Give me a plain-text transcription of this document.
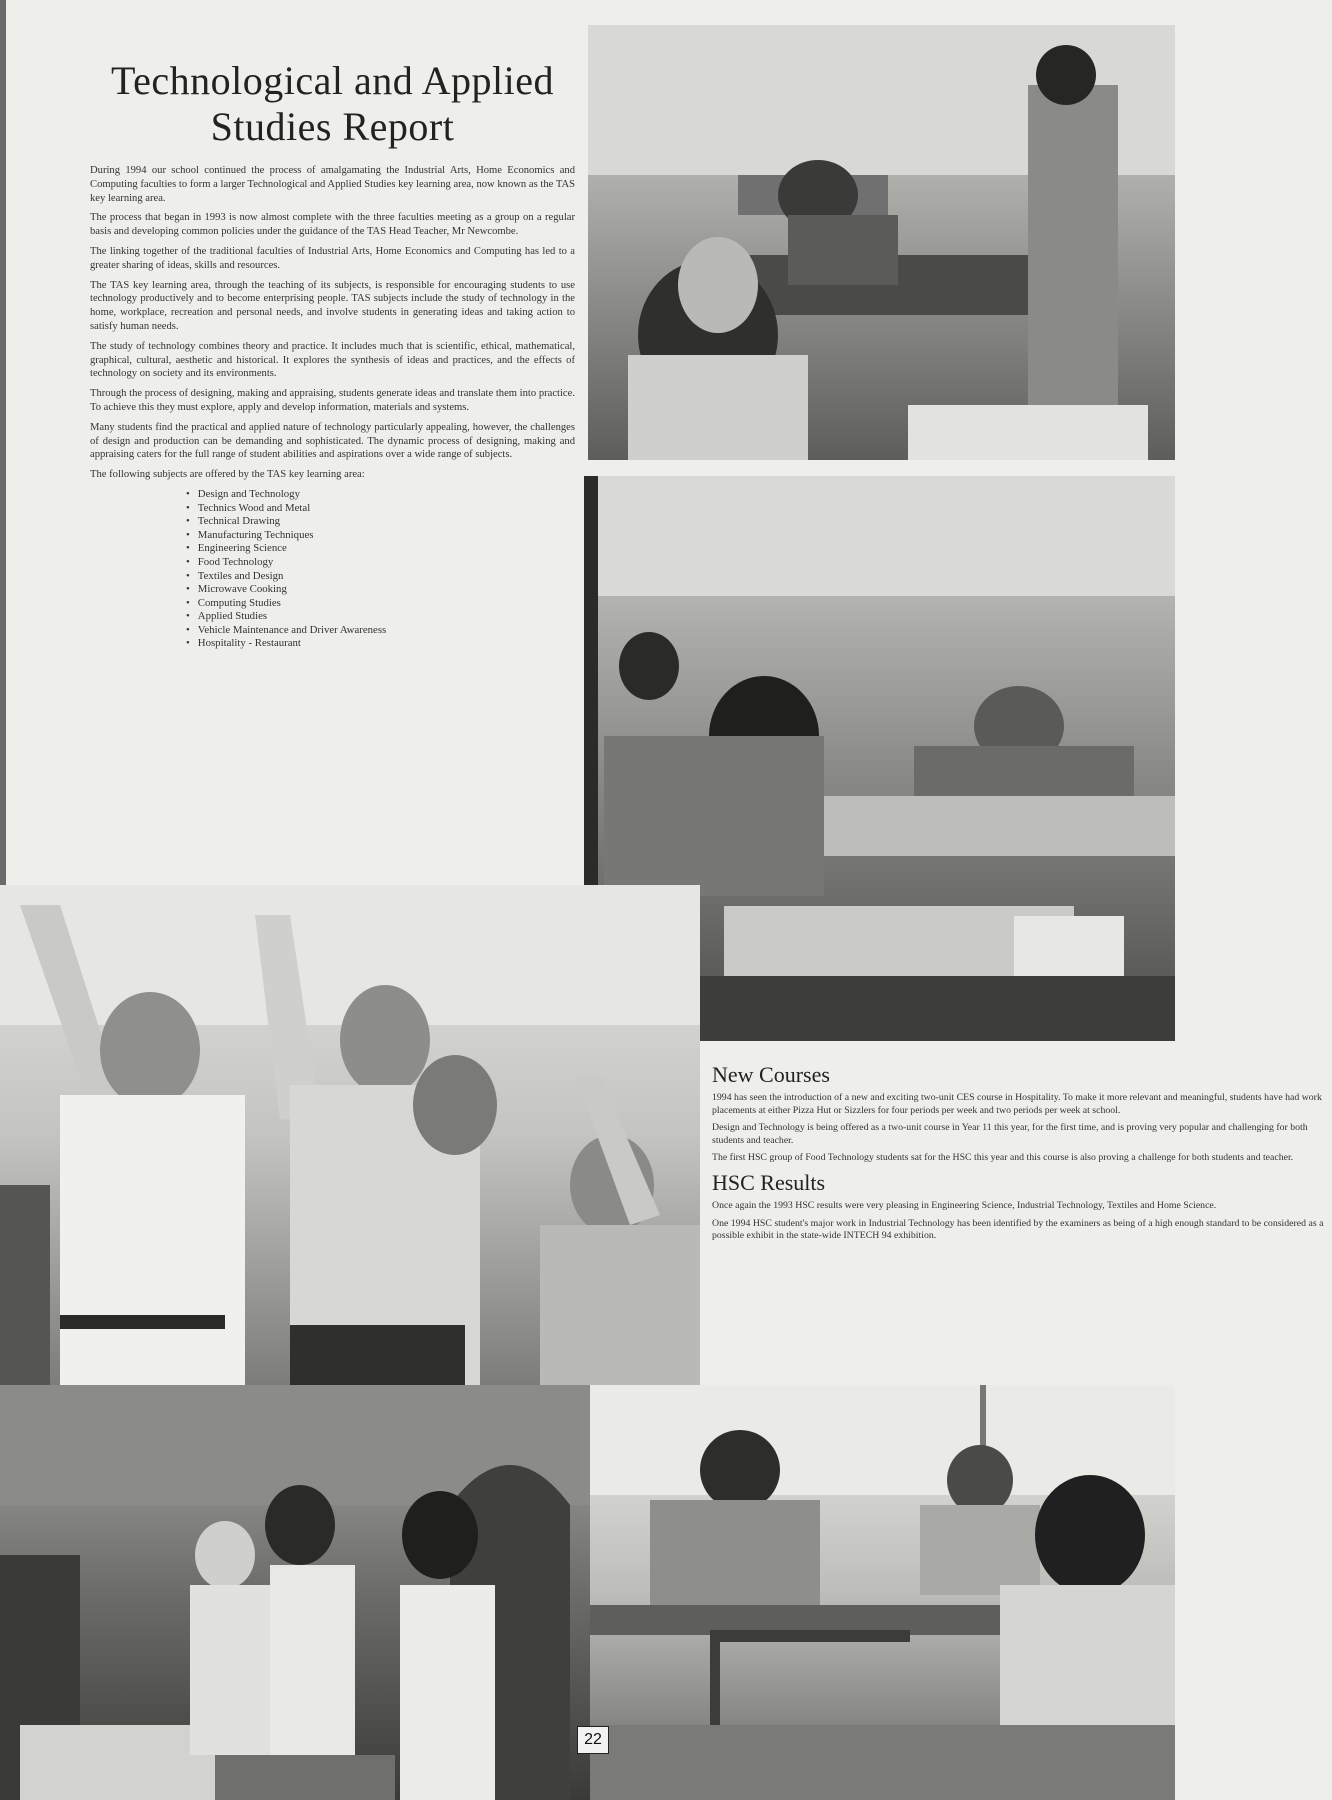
Technological and Applied
Studies Report

During 1994 our school continued the process of amalgamating the Industrial Arts, Home Economics and Computing faculties to form a larger Technological and Applied Studies key learning area, now known as the TAS key learning area.

The process that began in 1993 is now almost complete with the three faculties meeting as a group on a regular basis and developing common policies under the guidance of the TAS Head Teacher, Mr Newcombe.

The linking together of the traditional faculties of Industrial Arts, Home Economics and Computing has led to a greater sharing of ideas, skills and resources.

The TAS key learning area, through the teaching of its subjects, is responsible for encouraging students to use technology productively and to become enterprising people. TAS subjects include the study of technology in the home, workplace, recreation and personal needs, and involve students in generating ideas and taking action to satisfy human needs.

The study of technology combines theory and practice. It includes much that is scientific, ethical, mathematical, graphical, cultural, aesthetic and historical. It explores the synthesis of ideas and practices, and the effects of technology on society and its environments.

Through the process of designing, making and appraising, students generate ideas and translate them into practice. To achieve this they must explore, apply and develop information, materials and systems.

Many students find the practical and applied nature of technology particularly appealing, however, the challenges of design and production can be demanding and sophisticated. The dynamic process of designing, making and appraising caters for the full range of student abilities and aspirations over a wide range of subjects.

The following subjects are offered by the TAS key learning area:

• Design and Technology
• Technics Wood and Metal
• Technical Drawing
• Manufacturing Techniques
• Engineering Science
• Food Technology
• Textiles and Design
• Microwave Cooking
• Computing Studies
• Applied Studies
• Vehicle Maintenance and Driver Awareness
• Hospitality - Restaurant
New Courses

1994 has seen the introduction of a new and exciting two-unit CES course in Hospitality. To make it more relevant and meaningful, students have had work placements at either Pizza Hut or Sizzlers for four periods per week and two periods per week at school.

Design and Technology is being offered as a two-unit course in Year 11 this year, for the first time, and is proving very popular and challenging for both students and teacher.

The first HSC group of Food Technology students sat for the HSC this year and this course is also proving a challenge for both students and teacher.

HSC Results

Once again the 1993 HSC results were very pleasing in Engineering Science, Industrial Technology, Textiles and Home Science.

One 1994 HSC student's major work in Industrial Technology has been identified by the examiners as being of a high enough standard to be considered as a possible exhibit in the state-wide INTECH 94 exhibition.

22
